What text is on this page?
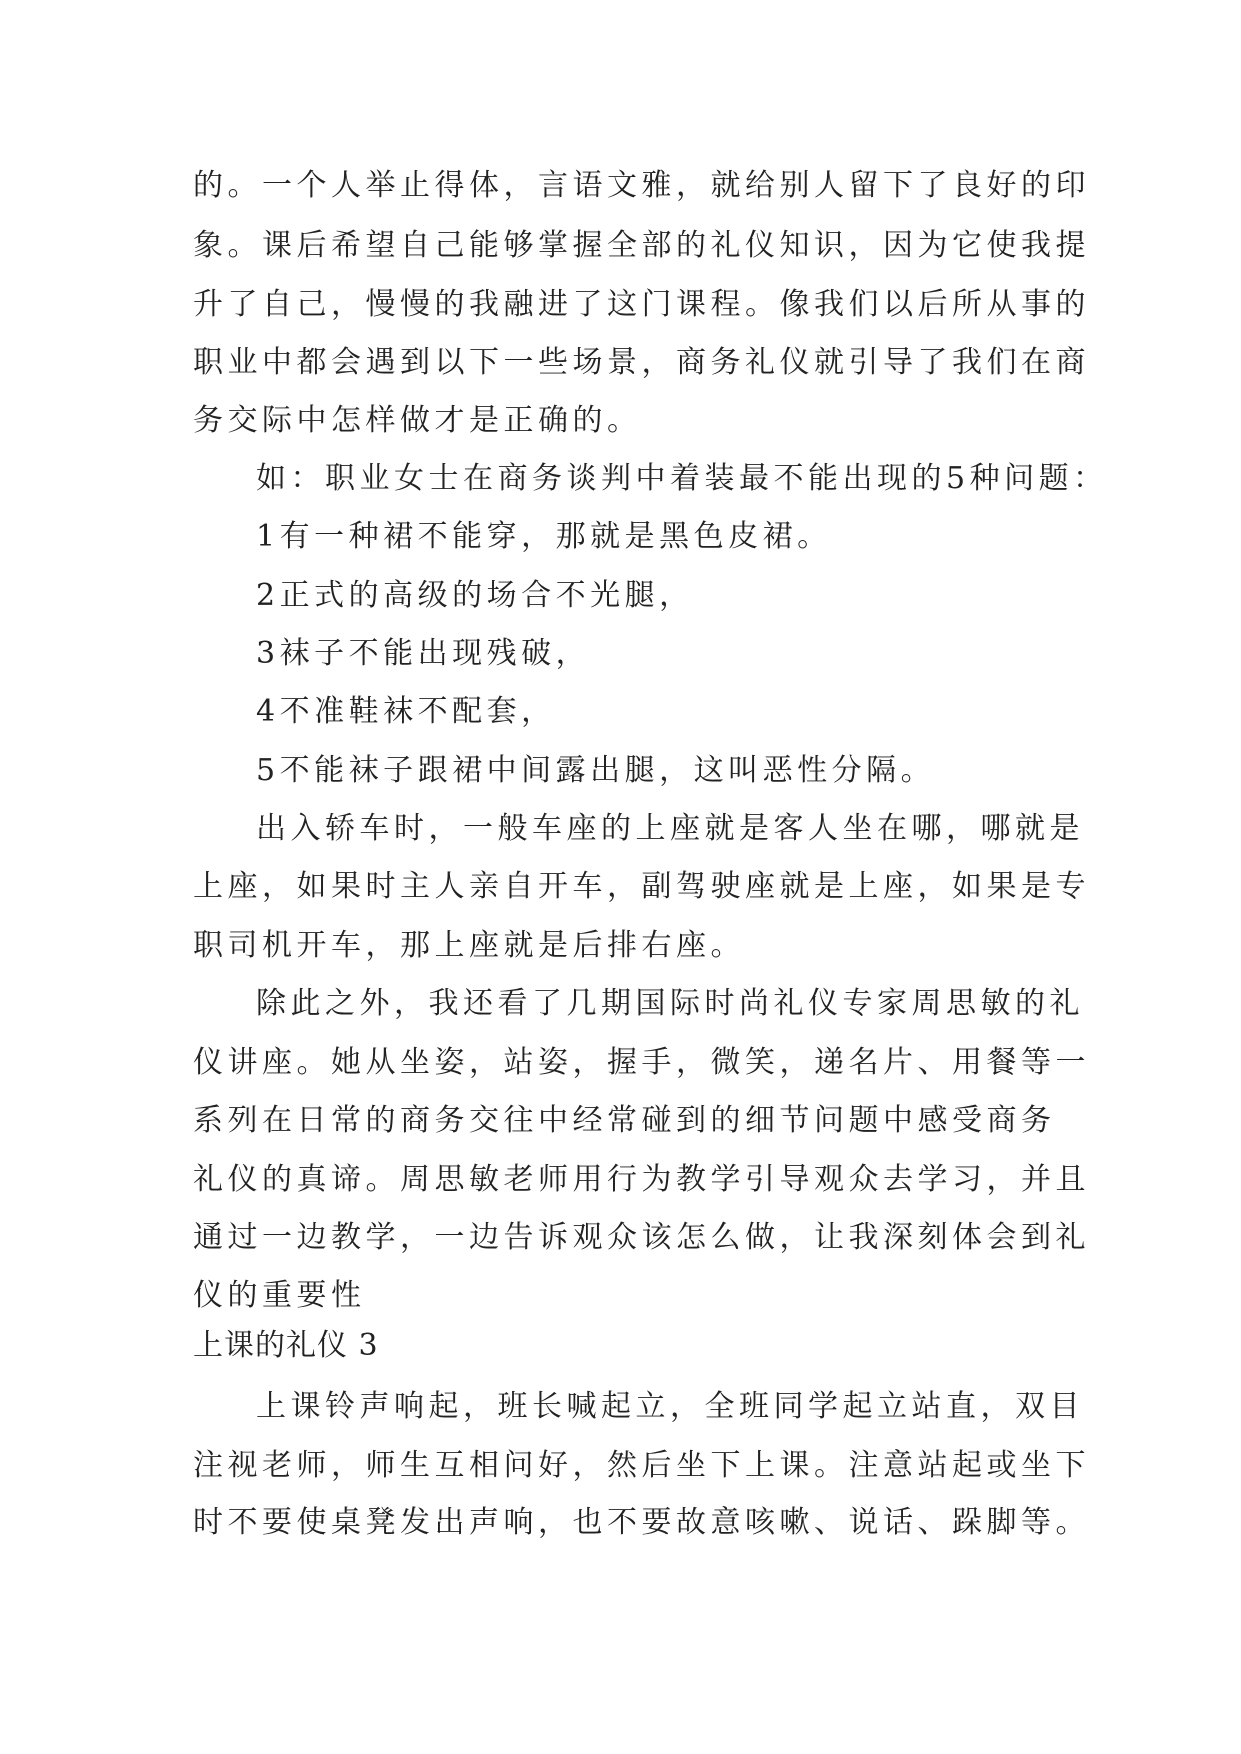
的。一个人举止得体，言语文雅，就给别人留下了良好的印

象。课后希望自己能够掌握全部的礼仪知识，因为它使我提

升了自己，慢慢的我融进了这门课程。像我们以后所从事的

职业中都会遇到以下一些场景，商务礼仪就引导了我们在商

务交际中怎样做才是正确的。

如：职业女士在商务谈判中着装最不能出现的5种问题：

1有一种裙不能穿，那就是黑色皮裙。

2正式的高级的场合不光腿，

3袜子不能出现残破，

4不准鞋袜不配套，

5不能袜子跟裙中间露出腿，这叫恶性分隔。

出入轿车时，一般车座的上座就是客人坐在哪，哪就是

上座，如果时主人亲自开车，副驾驶座就是上座，如果是专

职司机开车，那上座就是后排右座。

除此之外，我还看了几期国际时尚礼仪专家周思敏的礼

仪讲座。她从坐姿，站姿，握手，微笑，递名片、用餐等一

系列在日常的商务交往中经常碰到的细节问题中感受商务

礼仪的真谛。周思敏老师用行为教学引导观众去学习，并且

通过一边教学，一边告诉观众该怎么做，让我深刻体会到礼

仪的重要性

上课的礼仪 3

上课铃声响起，班长喊起立，全班同学起立站直，双目

注视老师，师生互相问好，然后坐下上课。注意站起或坐下

时不要使桌凳发出声响，也不要故意咳嗽、说话、跺脚等。
